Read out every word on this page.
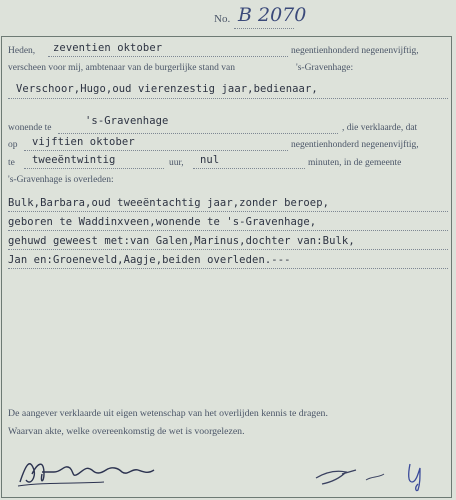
No. B 2070
Heden, zeventien oktober	negentienhonderd negenenvijftig,
verscheen voor mij, ambtenaar van de burgerlijke stand van	's-Gravenhage:
Verschoor,Hugo,oud vierenzestig jaar,bedienaar,
wonende te
's-Gravenhage
, die verklaarde, dat
op vijftien oktober	negentienhonderd negenenvijftig,
te tweeëntwintig	uur, nul	minuten, in de gemeente
's-Gravenhage is overleden:
Bulk,Barbara,oud tweeëntachtig jaar,zonder beroep,
geboren te Waddinxveen,wonende te 's-Gravenhage,
gehuwd geweest met:van Galen,Marinus,dochter van:Bulk,
Jan en:Groeneveld,Aagje,beiden overleden.---
De aangever verklaarde uit eigen wetenschap van het overlijden kennis te dragen.
Waarvan akte, welke overeenkomstig de wet is voorgelezen.
